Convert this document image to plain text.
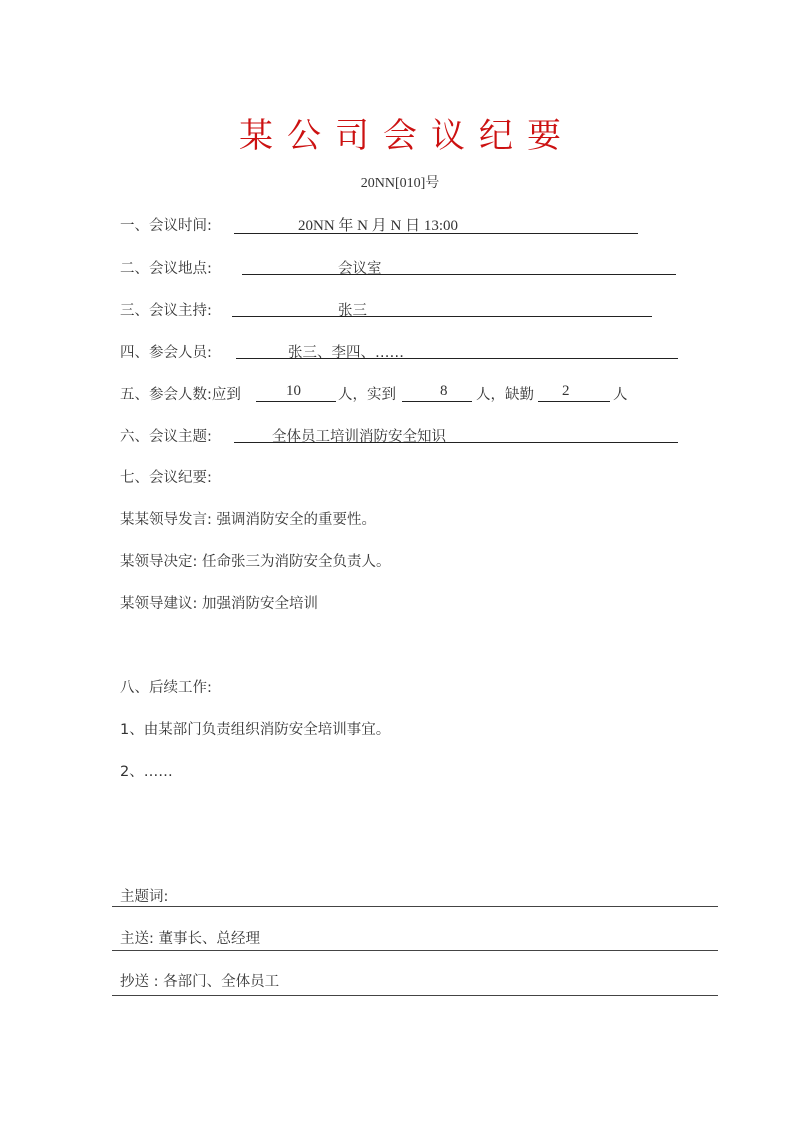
某公司会议纪要
20NN[010]号
一、会议时间:	20NN 年 N 月 N 日 13:00
二、会议地点:	会议室
三、会议主持:	张三
四、参会人员:	张三、李四、……
五、参会人数:应到	10	人，实到	8 人，缺勤 2	人
六、会议主题:	全体员工培训消防安全知识
七、会议纪要:
某某领导发言: 强调消防安全的重要性。
某领导决定: 任命张三为消防安全负责人。
某领导建议: 加强消防安全培训
八、后续工作:
1、由某部门负责组织消防安全培训事宜。
2、……
主题词:
主送: 董事长、总经理
抄送 : 各部门、全体员工
